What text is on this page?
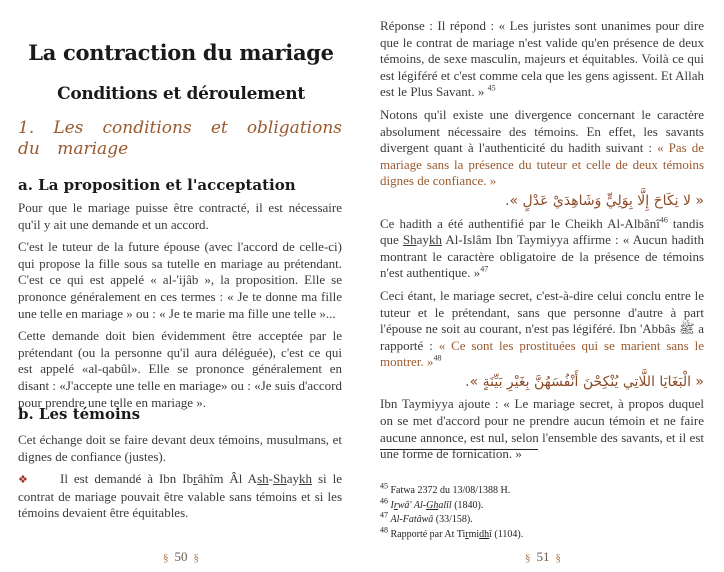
La contraction du mariage
Conditions et déroulement
1. Les conditions et obligations du mariage
a. La proposition et l'acceptation

Pour que le mariage puisse être contracté, il est nécessaire qu'il y ait une demande et un accord.

C'est le tuteur de la future épouse (avec l'accord de celle-ci) qui propose la fille sous sa tutelle en mariage au prétendant. C'est ce qui est appelé « al-'ijâb », la proposition. Elle se prononce généralement en ces termes : « Je te donne ma fille une telle en mariage » ou : « Je te marie ma fille une telle »...

Cette demande doit bien évidemment être acceptée par le prétendant (ou la personne qu'il aura déléguée), c'est ce qui est appelé «al-qabûl». Elle se prononce généralement en disant : «J'accepte une telle en mariage» ou : «Je suis d'accord pour prendre une telle en mariage ».

b. Les témoins

Cet échange doit se faire devant deux témoins, musulmans, et dignes de confiance (justes).

❖ Il est demandé à Ibn Ibrâhîm Âl Ash-Shaykh si le contrat de mariage pouvait être valable sans témoins et si les témoins devaient être équitables.

§ 50 §

Réponse : Il répond : « Les juristes sont unanimes pour dire que le contrat de mariage n'est valide qu'en présence de deux témoins, de sexe masculin, majeurs et équitables. Voilà ce qui est légiféré et c'est comme cela que les gens agissent. Et Allah est le Plus Savant. » $^{45}$

Notons qu'il existe une divergence concernant le caractère absolument nécessaire des témoins. En effet, les savants divergent quant à l'authenticité du hadith suivant : « Pas de mariage sans la présence du tuteur et celle de deux témoins dignes de confiance. »

« لا نِكَاحَ إِلَّا بِوَلِيٍّ وَشَاهِدَيْ عَدْلٍ ».

Ce hadith a été authentifié par le Cheikh Al-Albânî$^{46}$ tandis que Shaykh Al-Islâm Ibn Taymiyya affirme : « Aucun hadith montrant le caractère obligatoire de la présence de témoins n'est authentique. »$^{47}$

Ceci étant, le mariage secret, c'est-à-dire celui conclu entre le tuteur et le prétendant, sans que personne d'autre à part l'épouse ne soit au courant, n'est pas légiféré. Ibn 'Abbâs ﷺ a rapporté : « Ce sont les prostituées qui se marient sans le montrer. »$^{48}$

« الْبَغَايَا اللَّاتِي يُنْكِحْنَ أَنْفُسَهُنَّ بِغَيْرِ بَيِّنَةٍ ».

Ibn Taymiyya ajoute : « Le mariage secret, à propos duquel on se met d'accord pour ne prendre aucun témoin et ne faire aucune annonce, est nul, selon l'ensemble des savants, et il est une forme de fornication. »

$^{45}$ Fatwa 2372 du 13/08/1388 H.

$^{46}$ Irwâ' Al-Ghalîl (1840).

$^{47}$ Al-Fatâwâ (33/158).

$^{48}$ Rapporté par At Tirmidhî (1104).

§ 51 §
